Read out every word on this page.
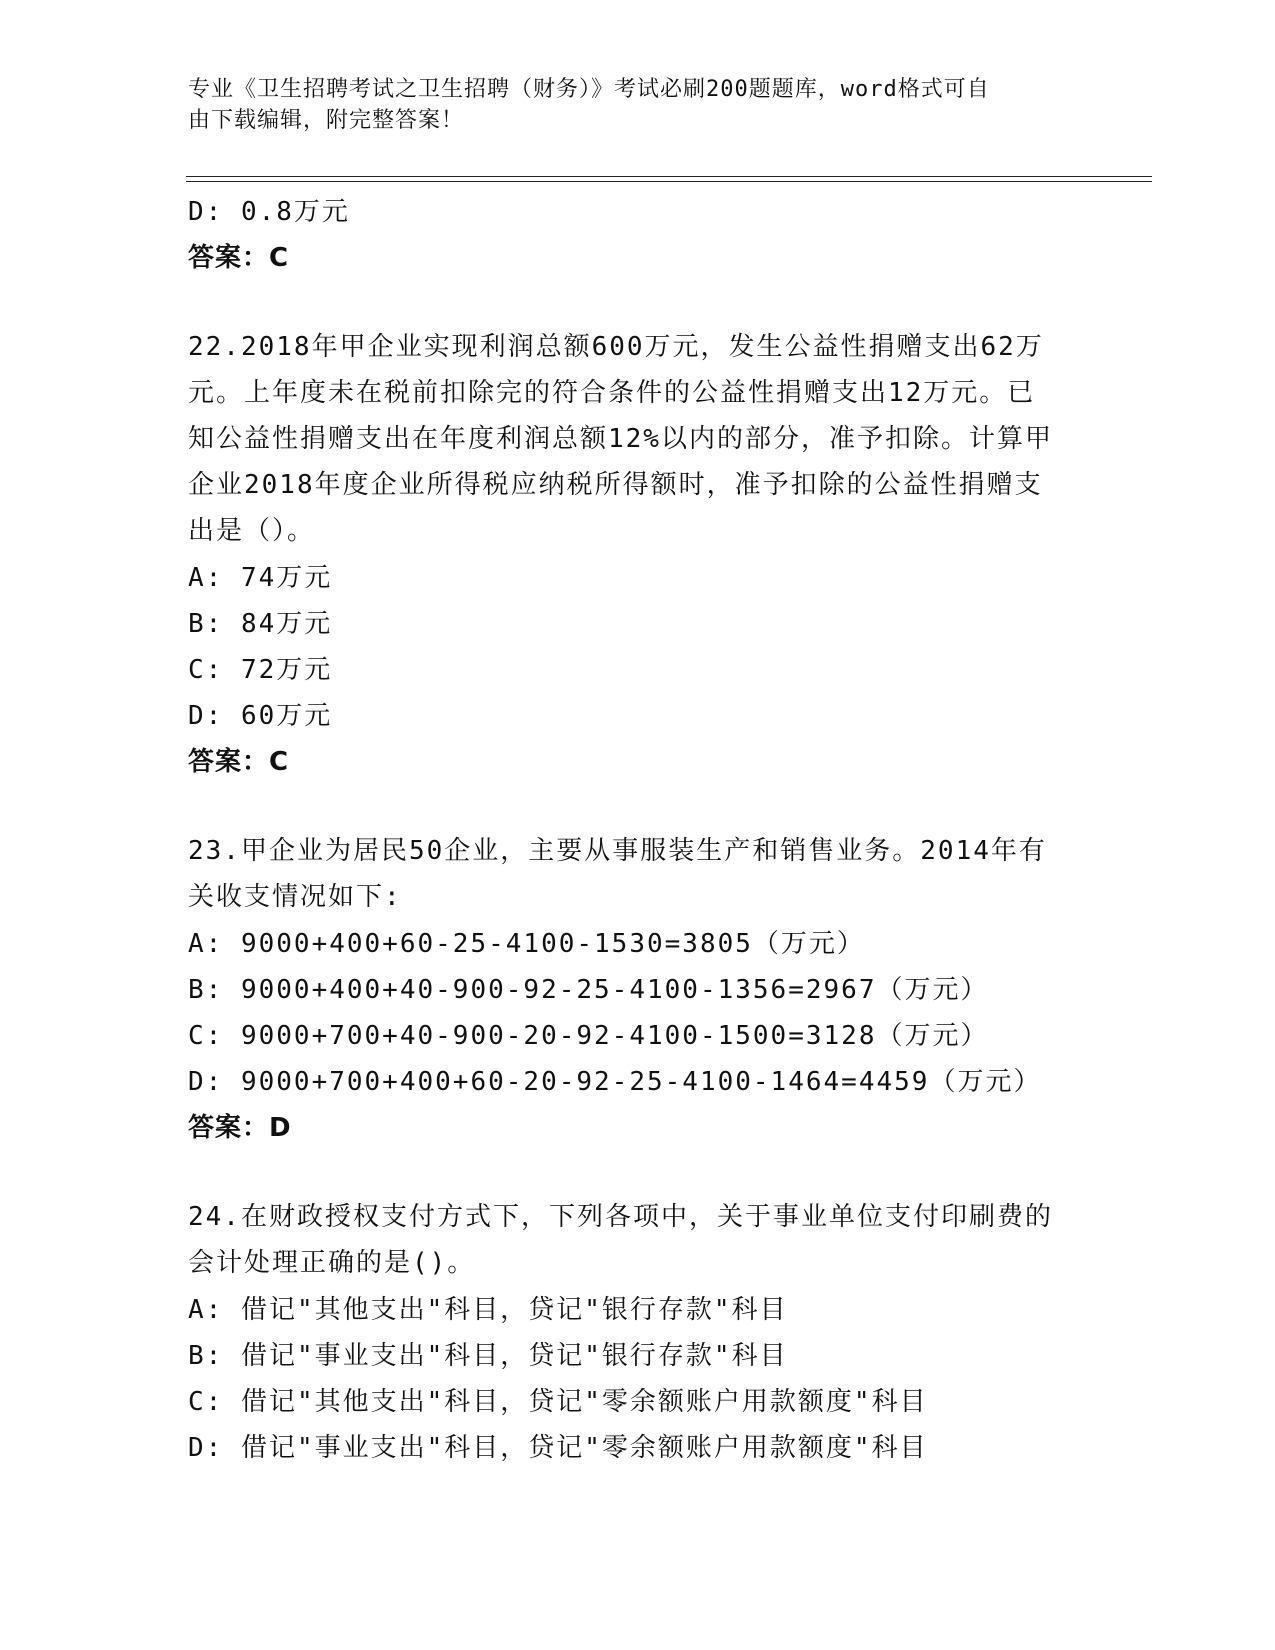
专业《卫生招聘考试之卫生招聘（财务）》考试必刷200题题库，word格式可自
由下载编辑，附完整答案！
D: 0.8万元
答案：C
22.2018年甲企业实现利润总额600万元，发生公益性捐赠支出62万
元。上年度未在税前扣除完的符合条件的公益性捐赠支出12万元。已
知公益性捐赠支出在年度利润总额12%以内的部分，准予扣除。计算甲
企业2018年度企业所得税应纳税所得额时，准予扣除的公益性捐赠支
出是（）。
A: 74万元
B: 84万元
C: 72万元
D: 60万元
答案：C
23.甲企业为居民50企业，主要从事服装生产和销售业务。2014年有
关收支情况如下:
A: 9000+400+60-25-4100-1530=3805（万元）
B: 9000+400+40-900-92-25-4100-1356=2967（万元）
C: 9000+700+40-900-20-92-4100-1500=3128（万元）
D: 9000+700+400+60-20-92-25-4100-1464=4459（万元）
答案：D
24.在财政授权支付方式下，下列各项中，关于事业单位支付印刷费的
会计处理正确的是()。
A: 借记"其他支出"科目，贷记"银行存款"科目
B: 借记"事业支出"科目，贷记"银行存款"科目
C: 借记"其他支出"科目，贷记"零余额账户用款额度"科目
D: 借记"事业支出"科目，贷记"零余额账户用款额度"科目
